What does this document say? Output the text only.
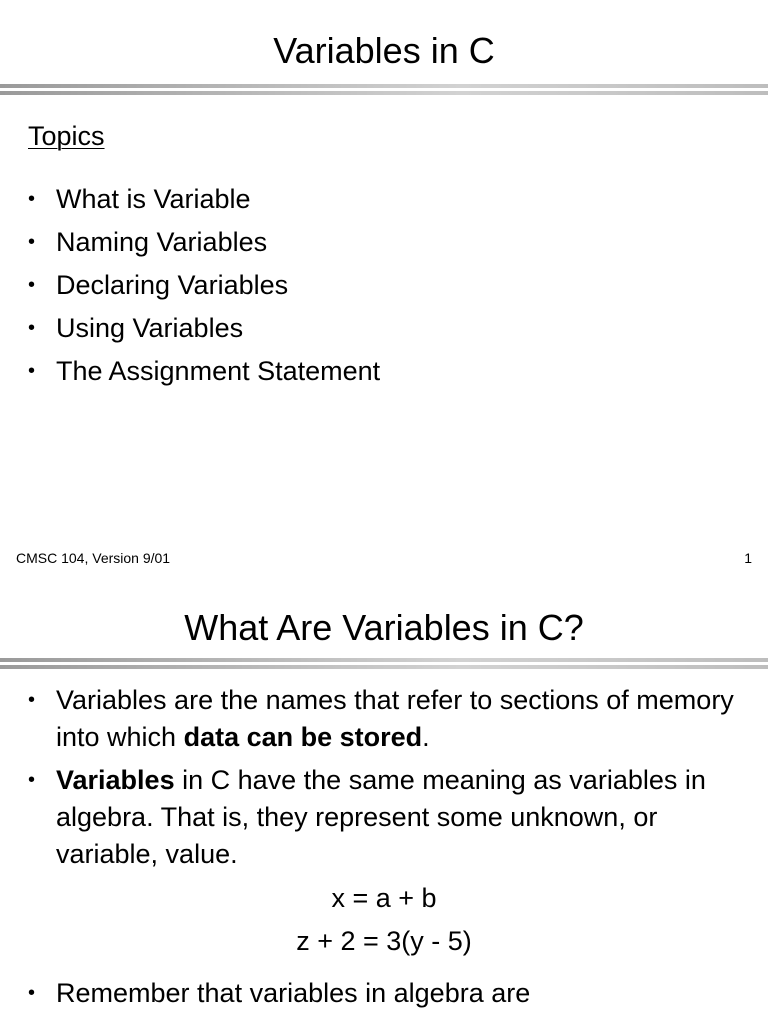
Variables in C
Topics
• What is Variable
• Naming Variables
• Declaring Variables
• Using Variables
• The Assignment Statement
CMSC 104, Version 9/01	1
What Are Variables in C?
• Variables are the names that refer to sections of memory into which data can be stored.
• Variables in C have the same meaning as variables in algebra. That is, they represent some unknown, or variable, value.
x = a + b
z + 2 = 3(y - 5)
• Remember that variables in algebra are
